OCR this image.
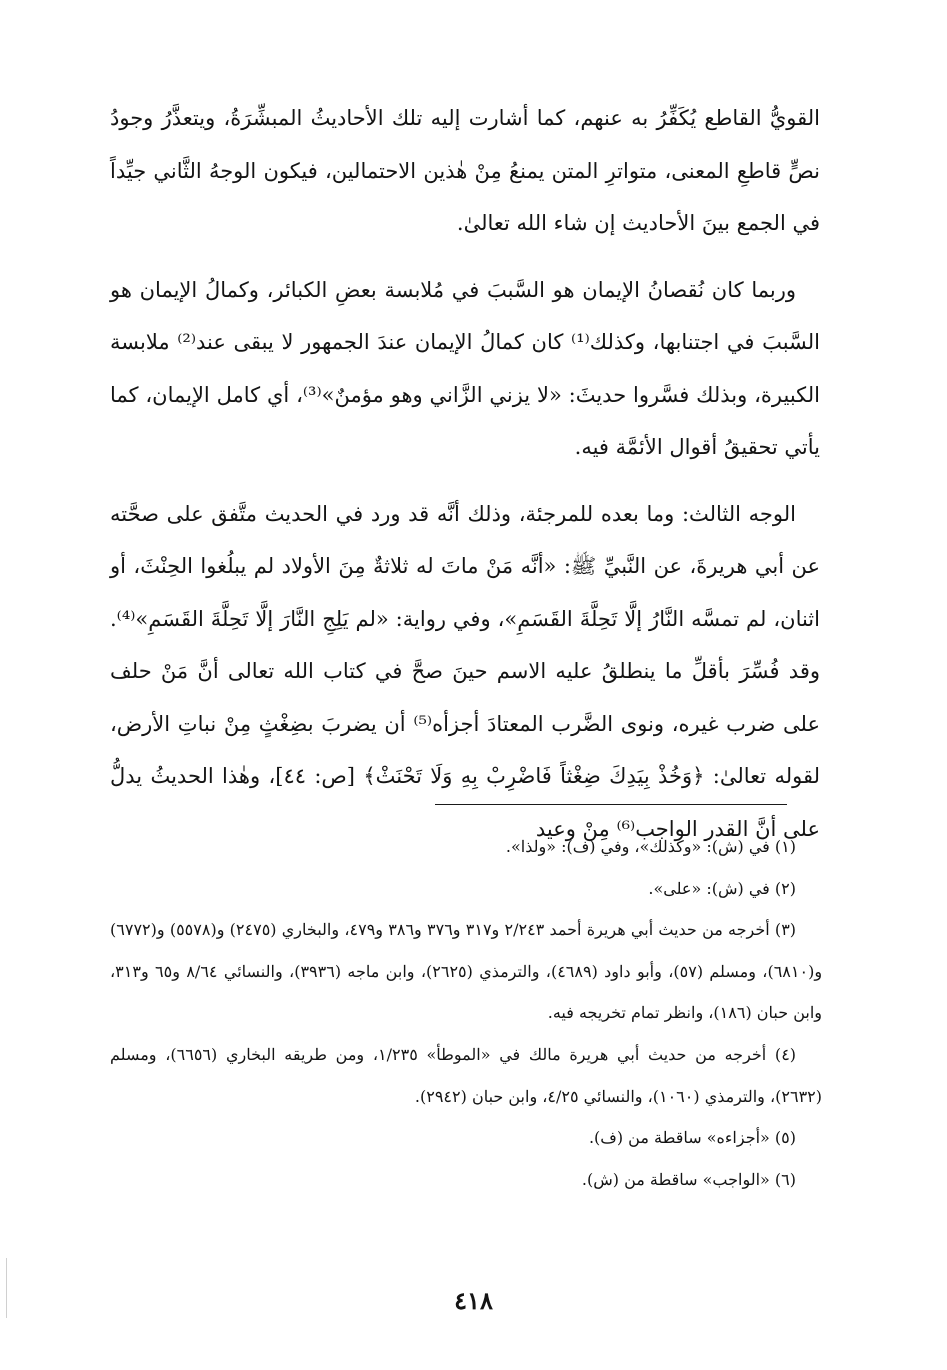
القويُّ القاطع يُكَفِّرُ به عنهم، كما أشارت إليه تلك الأحاديثُ المبشِّرَةُ، ويتعذَّرُ وجودُ نصٍّ قاطعِ المعنى، متواترِ المتن يمنعُ مِنْ هٰذين الاحتمالين، فيكون الوجهُ الثَّاني جيِّداً في الجمع بينَ الأحاديث إن شاء الله تعالىٰ.

وربما كان نُقصانُ الإيمان هو السَّببَ في مُلابسة بعضِ الكبائر، وكمالُ الإيمان هو السَّببَ في اجتنابها، وكذلك⁽¹⁾ كان كمالُ الإيمان عندَ الجمهور لا يبقى عند⁽²⁾ ملابسة الكبيرة، وبذلك فسَّروا حديثَ: «لا يزني الزَّاني وهو مؤمنٌ»⁽³⁾، أي كامل الإيمان، كما يأتي تحقيقُ أقوال الأئمَّة فيه.

الوجه الثالث: وما بعده للمرجئة، وذلك أنَّه قد ورد في الحديث متَّفق على صحَّته عن أبي هريرةَ، عن النَّبيِّ ﷺ: «أنَّه مَنْ ماتَ له ثلاثةٌ مِنَ الأولاد لم يبلُغوا الحِنْثَ، أو اثنان، لم تمسَّه النَّارُ إلَّا تَحِلَّةَ القَسَمِ»، وفي رواية: «لم يَلِجِ النَّارَ إلَّا تَحِلَّةَ القَسَمِ»⁽⁴⁾. وقد فُسِّرَ بأقلِّ ما ينطلقُ عليه الاسم حينَ صحَّ في كتاب الله تعالى أنَّ مَنْ حلف على ضرب غيره، ونوى الضَّرب المعتادَ أجزأه⁽⁵⁾ أن يضربَ بضِغْثٍ مِنْ نباتِ الأرض، لقوله تعالىٰ: ﴿وَخُذْ بِيَدِكَ ضِغْثاً فَاضْرِبْ بِهِ وَلَا تَحْنَثْ﴾ [ص: ٤٤]، وهٰذا الحديثُ يدلُّ على أنَّ القدر الواجب⁽⁶⁾ مِنْ وعيد

(١) في (ش): «وكذلك»، وفي (ف): «ولذا».

(٢) في (ش): «على».

(٣) أخرجه من حديث أبي هريرة أحمد ٢/٢٤٣ و٣١٧ و٣٧٦ و٣٨٦ و٤٧٩، والبخاري (٢٤٧٥) و(٥٥٧٨) و(٦٧٧٢) و(٦٨١٠)، ومسلم (٥٧)، وأبو داود (٤٦٨٩)، والترمذي (٢٦٢٥)، وابن ماجه (٣٩٣٦)، والنسائي ٨/٦٤ و٦٥ و٣١٣، وابن حبان (١٨٦)، وانظر تمام تخريجه فيه.

(٤) أخرجه من حديث أبي هريرة مالك في «الموطأ» ١/٢٣٥، ومن طريقه البخاري (٦٦٥٦)، ومسلم (٢٦٣٢)، والترمذي (١٠٦٠)، والنسائي ٤/٢٥، وابن حبان (٢٩٤٢).

(٥) «أجزاءه» ساقطة من (ف).

(٦) «الواجب» ساقطة من (ش).

٤١٨
